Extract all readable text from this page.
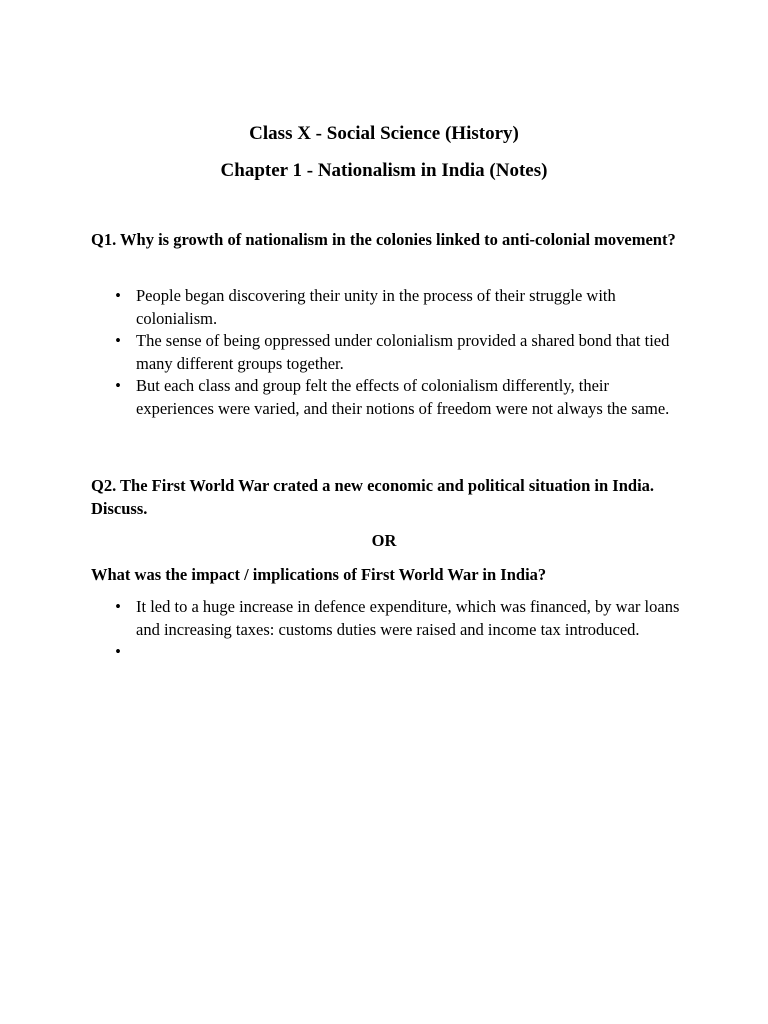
Class X - Social Science (History)
Chapter 1 - Nationalism in India (Notes)

Q1. Why is growth of nationalism in the colonies linked to anti-colonial movement?

• People began discovering their unity in the process of their struggle with colonialism.
• The sense of being oppressed under colonialism provided a shared bond that tied many different groups together.
• But each class and group felt the effects of colonialism differently, their experiences were varied, and their notions of freedom were not always the same.

Q2. The First World War crated a new economic and political situation in India. Discuss.

OR

What was the impact / implications of First World War in India?

• It led to a huge increase in defence expenditure, which was financed, by war loans and increasing taxes: customs duties were raised and income tax introduced.
•
